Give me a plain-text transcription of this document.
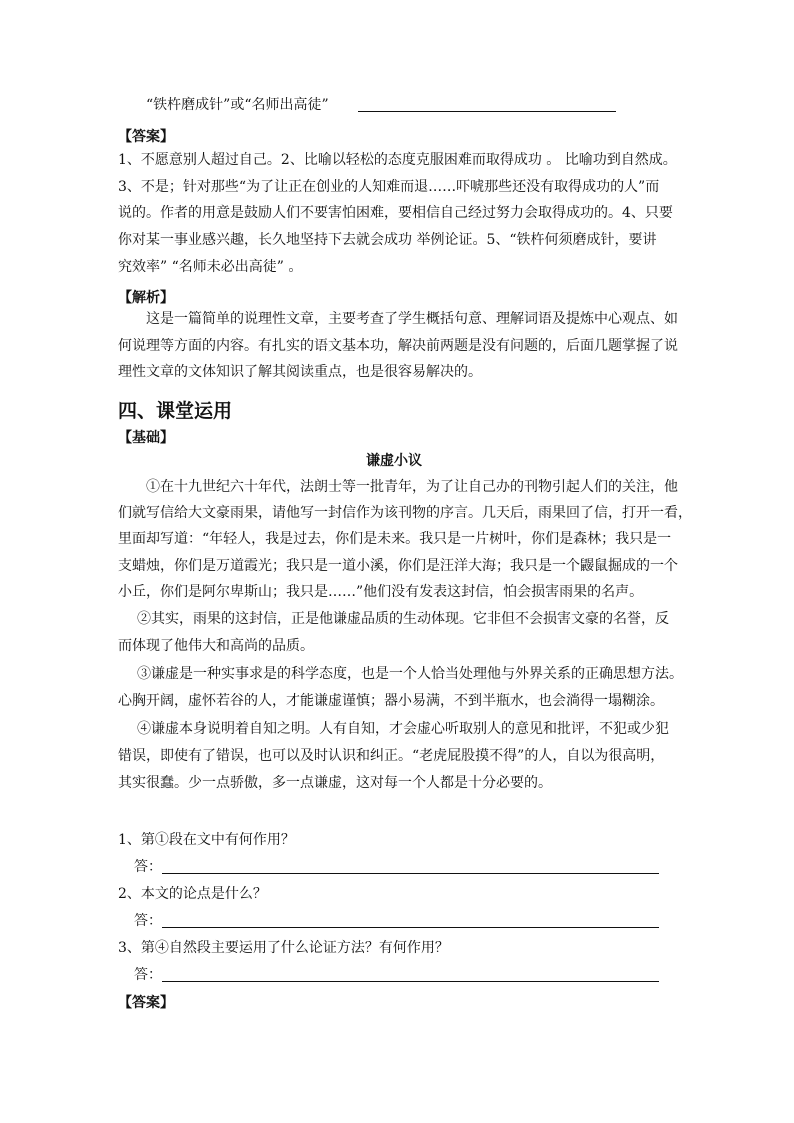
“铁杵磨成针”或“名师出高徒”
【答案】
1、不愿意别人超过自己。2、比喻以轻松的态度克服困难而取得成功 。 比喻功到自然成。
3、不是；针对那些“为了让正在创业的人知难而退……吓唬那些还没有取得成功的人”而
说的。作者的用意是鼓励人们不要害怕困难，要相信自己经过努力会取得成功的。4、只要
你对某一事业感兴趣，长久地坚持下去就会成功 举例论证。5、“铁杵何须磨成针，要讲
究效率” “名师未必出高徒” 。
【解析】
这是一篇简单的说理性文章，主要考查了学生概括句意、理解词语及提炼中心观点、如
何说理等方面的内容。有扎实的语文基本功，解决前两题是没有问题的，后面几题掌握了说
理性文章的文体知识了解其阅读重点，也是很容易解决的。
四、课堂运用
【基础】
谦虚小议
①在十九世纪六十年代，法朗士等一批青年，为了让自己办的刊物引起人们的关注，他
们就写信给大文豪雨果，请他写一封信作为该刊物的序言。几天后，雨果回了信，打开一看，
里面却写道：“年轻人，我是过去，你们是未来。我只是一片树叶，你们是森林；我只是一
支蜡烛，你们是万道霞光；我只是一道小溪，你们是汪洋大海；我只是一个鼹鼠掘成的一个
小丘，你们是阿尔卑斯山；我只是……”他们没有发表这封信，怕会损害雨果的名声。
②其实，雨果的这封信，正是他谦虚品质的生动体现。它非但不会损害文豪的名誉，反
而体现了他伟大和高尚的品质。
③谦虚是一种实事求是的科学态度，也是一个人恰当处理他与外界关系的正确思想方法。
心胸开阔，虚怀若谷的人，才能谦虚谨慎；器小易满，不到半瓶水，也会淌得一塌糊涂。
④谦虚本身说明着自知之明。人有自知，才会虚心听取别人的意见和批评，不犯或少犯
错误，即使有了错误，也可以及时认识和纠正。“老虎屁股摸不得”的人，自以为很高明，
其实很蠢。少一点骄傲，多一点谦虚，这对每一个人都是十分必要的。
1、第①段在文中有何作用？
答：
2、本文的论点是什么？
答：
3、第④自然段主要运用了什么论证方法？有何作用？
答：
【答案】
